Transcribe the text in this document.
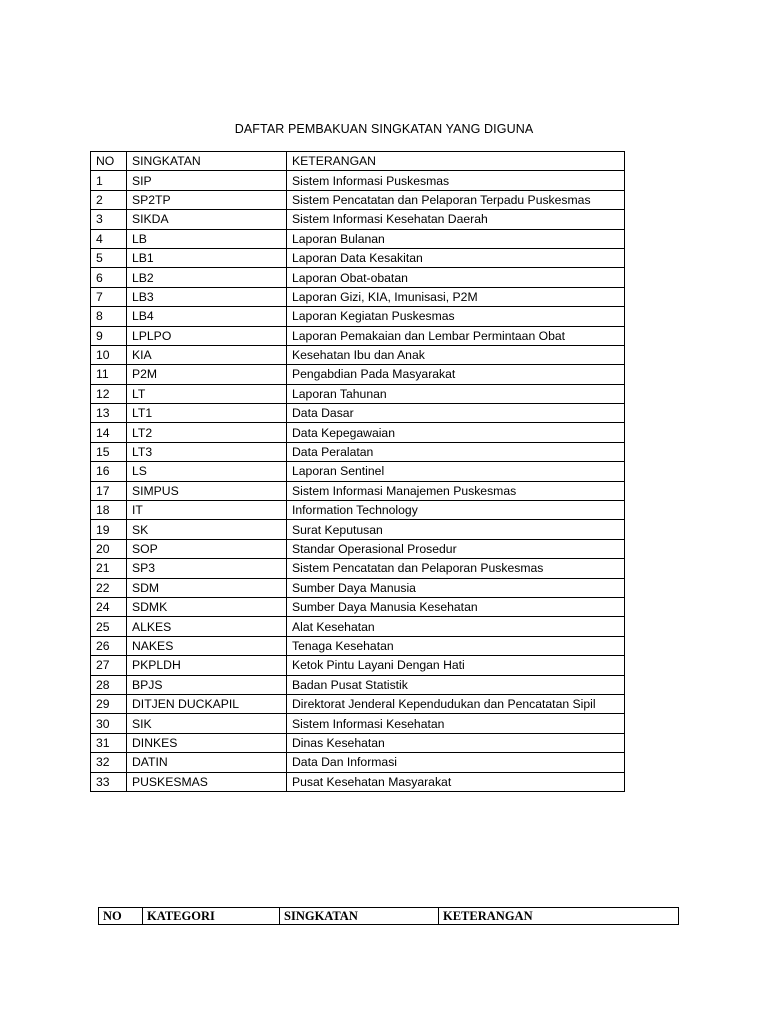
DAFTAR PEMBAKUAN SINGKATAN YANG DIGUNA
NO	SINGKATAN	KETERANGAN
1	SIP	Sistem Informasi Puskesmas
2	SP2TP	Sistem Pencatatan dan Pelaporan Terpadu Puskesmas
3	SIKDA	Sistem Informasi Kesehatan Daerah
4	LB	Laporan Bulanan
5	LB1	Laporan Data Kesakitan
6	LB2	Laporan Obat-obatan
7	LB3	Laporan Gizi, KIA, Imunisasi, P2M
8	LB4	Laporan Kegiatan Puskesmas
9	LPLPO	Laporan Pemakaian dan Lembar Permintaan Obat
10	KIA	Kesehatan Ibu dan Anak
11	P2M	Pengabdian Pada Masyarakat
12	LT	Laporan Tahunan
13	LT1	Data Dasar
14	LT2	Data Kepegawaian
15	LT3	Data Peralatan
16	LS	Laporan Sentinel
17	SIMPUS	Sistem Informasi Manajemen Puskesmas
18	IT	Information Technology
19	SK	Surat Keputusan
20	SOP	Standar Operasional Prosedur
21	SP3	Sistem Pencatatan dan Pelaporan Puskesmas
22	SDM	Sumber Daya Manusia
24	SDMK	Sumber Daya Manusia Kesehatan
25	ALKES	Alat Kesehatan
26	NAKES	Tenaga Kesehatan
27	PKPLDH	Ketok Pintu Layani Dengan Hati
28	BPJS	Badan Pusat Statistik
29	DITJEN DUCKAPIL	Direktorat Jenderal Kependudukan dan Pencatatan Sipil
30	SIK	Sistem Informasi Kesehatan
31	DINKES	Dinas Kesehatan
32	DATIN	Data Dan Informasi
33	PUSKESMAS	Pusat Kesehatan Masyarakat
NO	KATEGORI	SINGKATAN	KETERANGAN
